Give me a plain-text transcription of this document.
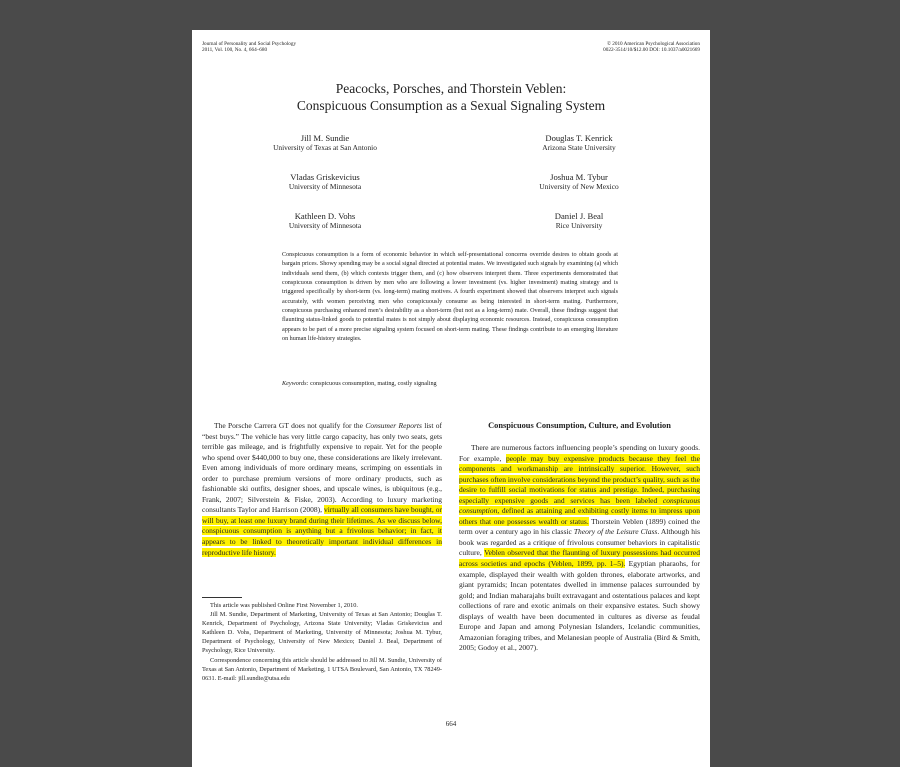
Journal of Personality and Social Psychology
2011, Vol. 100, No. 4, 664–680
© 2010 American Psychological Association
0022-3514/10/$12.00 DOI: 10.1037/a0021669
Peacocks, Porsches, and Thorstein Veblen:
Conspicuous Consumption as a Sexual Signaling System
Jill M. Sundie
University of Texas at San Antonio
Douglas T. Kenrick
Arizona State University
Vladas Griskevicius
University of Minnesota
Joshua M. Tybur
University of New Mexico
Kathleen D. Vohs
University of Minnesota
Daniel J. Beal
Rice University
Conspicuous consumption is a form of economic behavior in which self-presentational concerns override desires to obtain goods at bargain prices. Showy spending may be a social signal directed at potential mates. We investigated such signals by examining (a) which individuals send them, (b) which contexts trigger them, and (c) how observers interpret them. Three experiments demonstrated that conspicuous consumption is driven by men who are following a lower investment (vs. higher investment) mating strategy and is triggered specifically by short-term (vs. long-term) mating motives. A fourth experiment showed that observers interpret such signals accurately, with women perceiving men who conspicuously consume as being interested in short-term mating. Furthermore, conspicuous purchasing enhanced men’s desirability as a short-term (but not as a long-term) mate. Overall, these findings suggest that flaunting status-linked goods to potential mates is not simply about displaying economic resources. Instead, conspicuous consumption appears to be part of a more precise signaling system focused on short-term mating. These findings contribute to an emerging literature on human life-history strategies.
Keywords: conspicuous consumption, mating, costly signaling

The Porsche Carrera GT does not qualify for the Consumer Reports list of “best buys.” The vehicle has very little cargo capacity, has only two seats, gets terrible gas mileage, and is frightfully expensive to repair. Yet for the people who spend over $440,000 to buy one, these considerations are likely irrelevant. Even among individuals of more ordinary means, scrimping on essentials in order to purchase premium versions of more ordinary products, such as fashionable ski outfits, designer shoes, and upscale wines, is ubiquitous (e.g., Frank, 2007; Silverstein & Fiske, 2003). According to luxury marketing consultants Taylor and Harrison (2008), virtually all consumers have bought, or will buy, at least one luxury brand during their lifetimes. As we discuss below, conspicuous consumption is anything but a frivolous behavior; in fact, it appears to be linked to theoretically important individual differences in reproductive life history.

This article was published Online First November 1, 2010.

Jill M. Sundie, Department of Marketing, University of Texas at San Antonio; Douglas T. Kenrick, Department of Psychology, Arizona State University; Vladas Griskevicius and Kathleen D. Vohs, Department of Marketing, University of Minnesota; Joshua M. Tybur, Department of Psychology, University of New Mexico; Daniel J. Beal, Department of Psychology, Rice University.

Correspondence concerning this article should be addressed to Jill M. Sundie, University of Texas at San Antonio, Department of Marketing, 1 UTSA Boulevard, San Antonio, TX 78249-0631. E-mail: jill.sundie@utsa.edu

Conspicuous Consumption, Culture, and Evolution

There are numerous factors influencing people’s spending on luxury goods. For example, people may buy expensive products because they feel the components and workmanship are intrinsically superior. However, such purchases often involve considerations beyond the product’s quality, such as the desire to fulfill social motivations for status and prestige. Indeed, purchasing especially expensive goods and services has been labeled conspicuous consumption, defined as attaining and exhibiting costly items to impress upon others that one possesses wealth or status. Thorstein Veblen (1899) coined the term over a century ago in his classic Theory of the Leisure Class. Although his book was regarded as a critique of frivolous consumer behaviors in capitalistic culture, Veblen observed that the flaunting of luxury possessions had occurred across societies and epochs (Veblen, 1899, pp. 1–5). Egyptian pharaohs, for example, displayed their wealth with golden thrones, elaborate artworks, and giant pyramids; Incan potentates dwelled in immense palaces surrounded by gold; and Indian maharajahs built extravagant and ostentatious palaces and kept collections of rare and exotic animals on their expansive estates. Such showy displays of wealth have been documented in cultures as diverse as feudal Europe and Japan and among Polynesian Islanders, Icelandic communities, Amazonian foraging tribes, and Melanesian people of Australia (Bird & Smith, 2005; Godoy et al., 2007).

664
